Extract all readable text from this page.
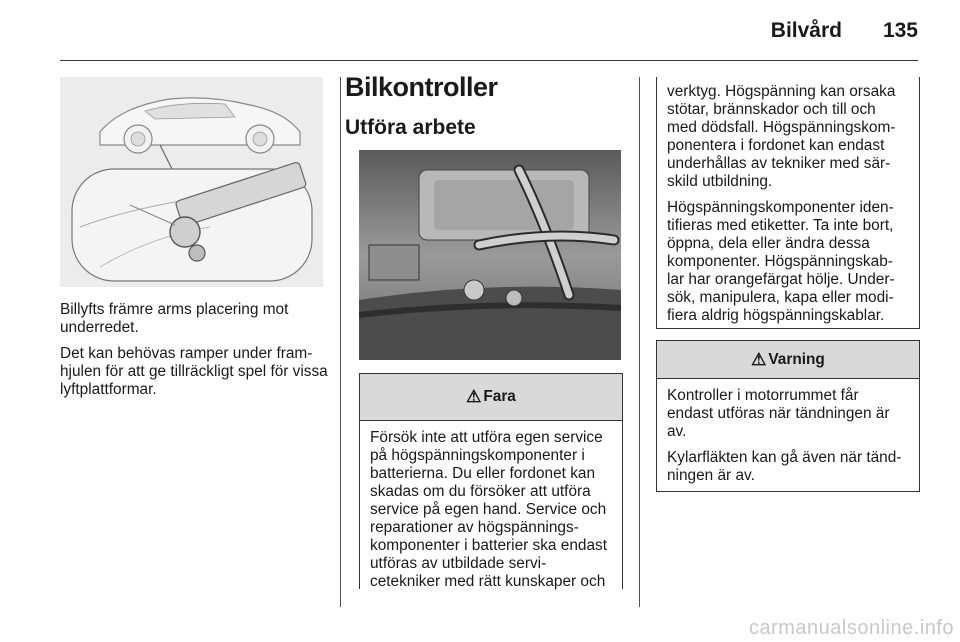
Bilvård 135

Billyfts främre arms placering mot underredet.

Det kan behövas ramper under fram-hjulen för att ge tillräckligt spel för vissa lyftplattformar.

Bilkontroller
Utföra arbete
⚠ Fara

Försök inte att utföra egen service på högspänningskomponenter i batterierna. Du eller fordonet kan skadas om du försöker att utföra service på egen hand. Service och reparationer av högspännings-komponenter i batterier ska endast utföras av utbildade servi-cetekniker med rätt kunskaper och

verktyg. Högspänning kan orsaka stötar, brännskador och till och med dödsfall. Högspänningskom-ponentera i fordonet kan endast underhållas av tekniker med sär-skild utbildning.

Högspänningskomponenter iden-tifieras med etiketter. Ta inte bort, öppna, dela eller ändra dessa komponenter. Högspänningskab-lar har orangefärgat hölje. Under-sök, manipulera, kapa eller modi-fiera aldrig högspänningskablar.

⚠ Varning

Kontroller i motorrummet får endast utföras när tändningen är av.

Kylarfläkten kan gå även när tänd-ningen är av.

carmanualsonline.info
